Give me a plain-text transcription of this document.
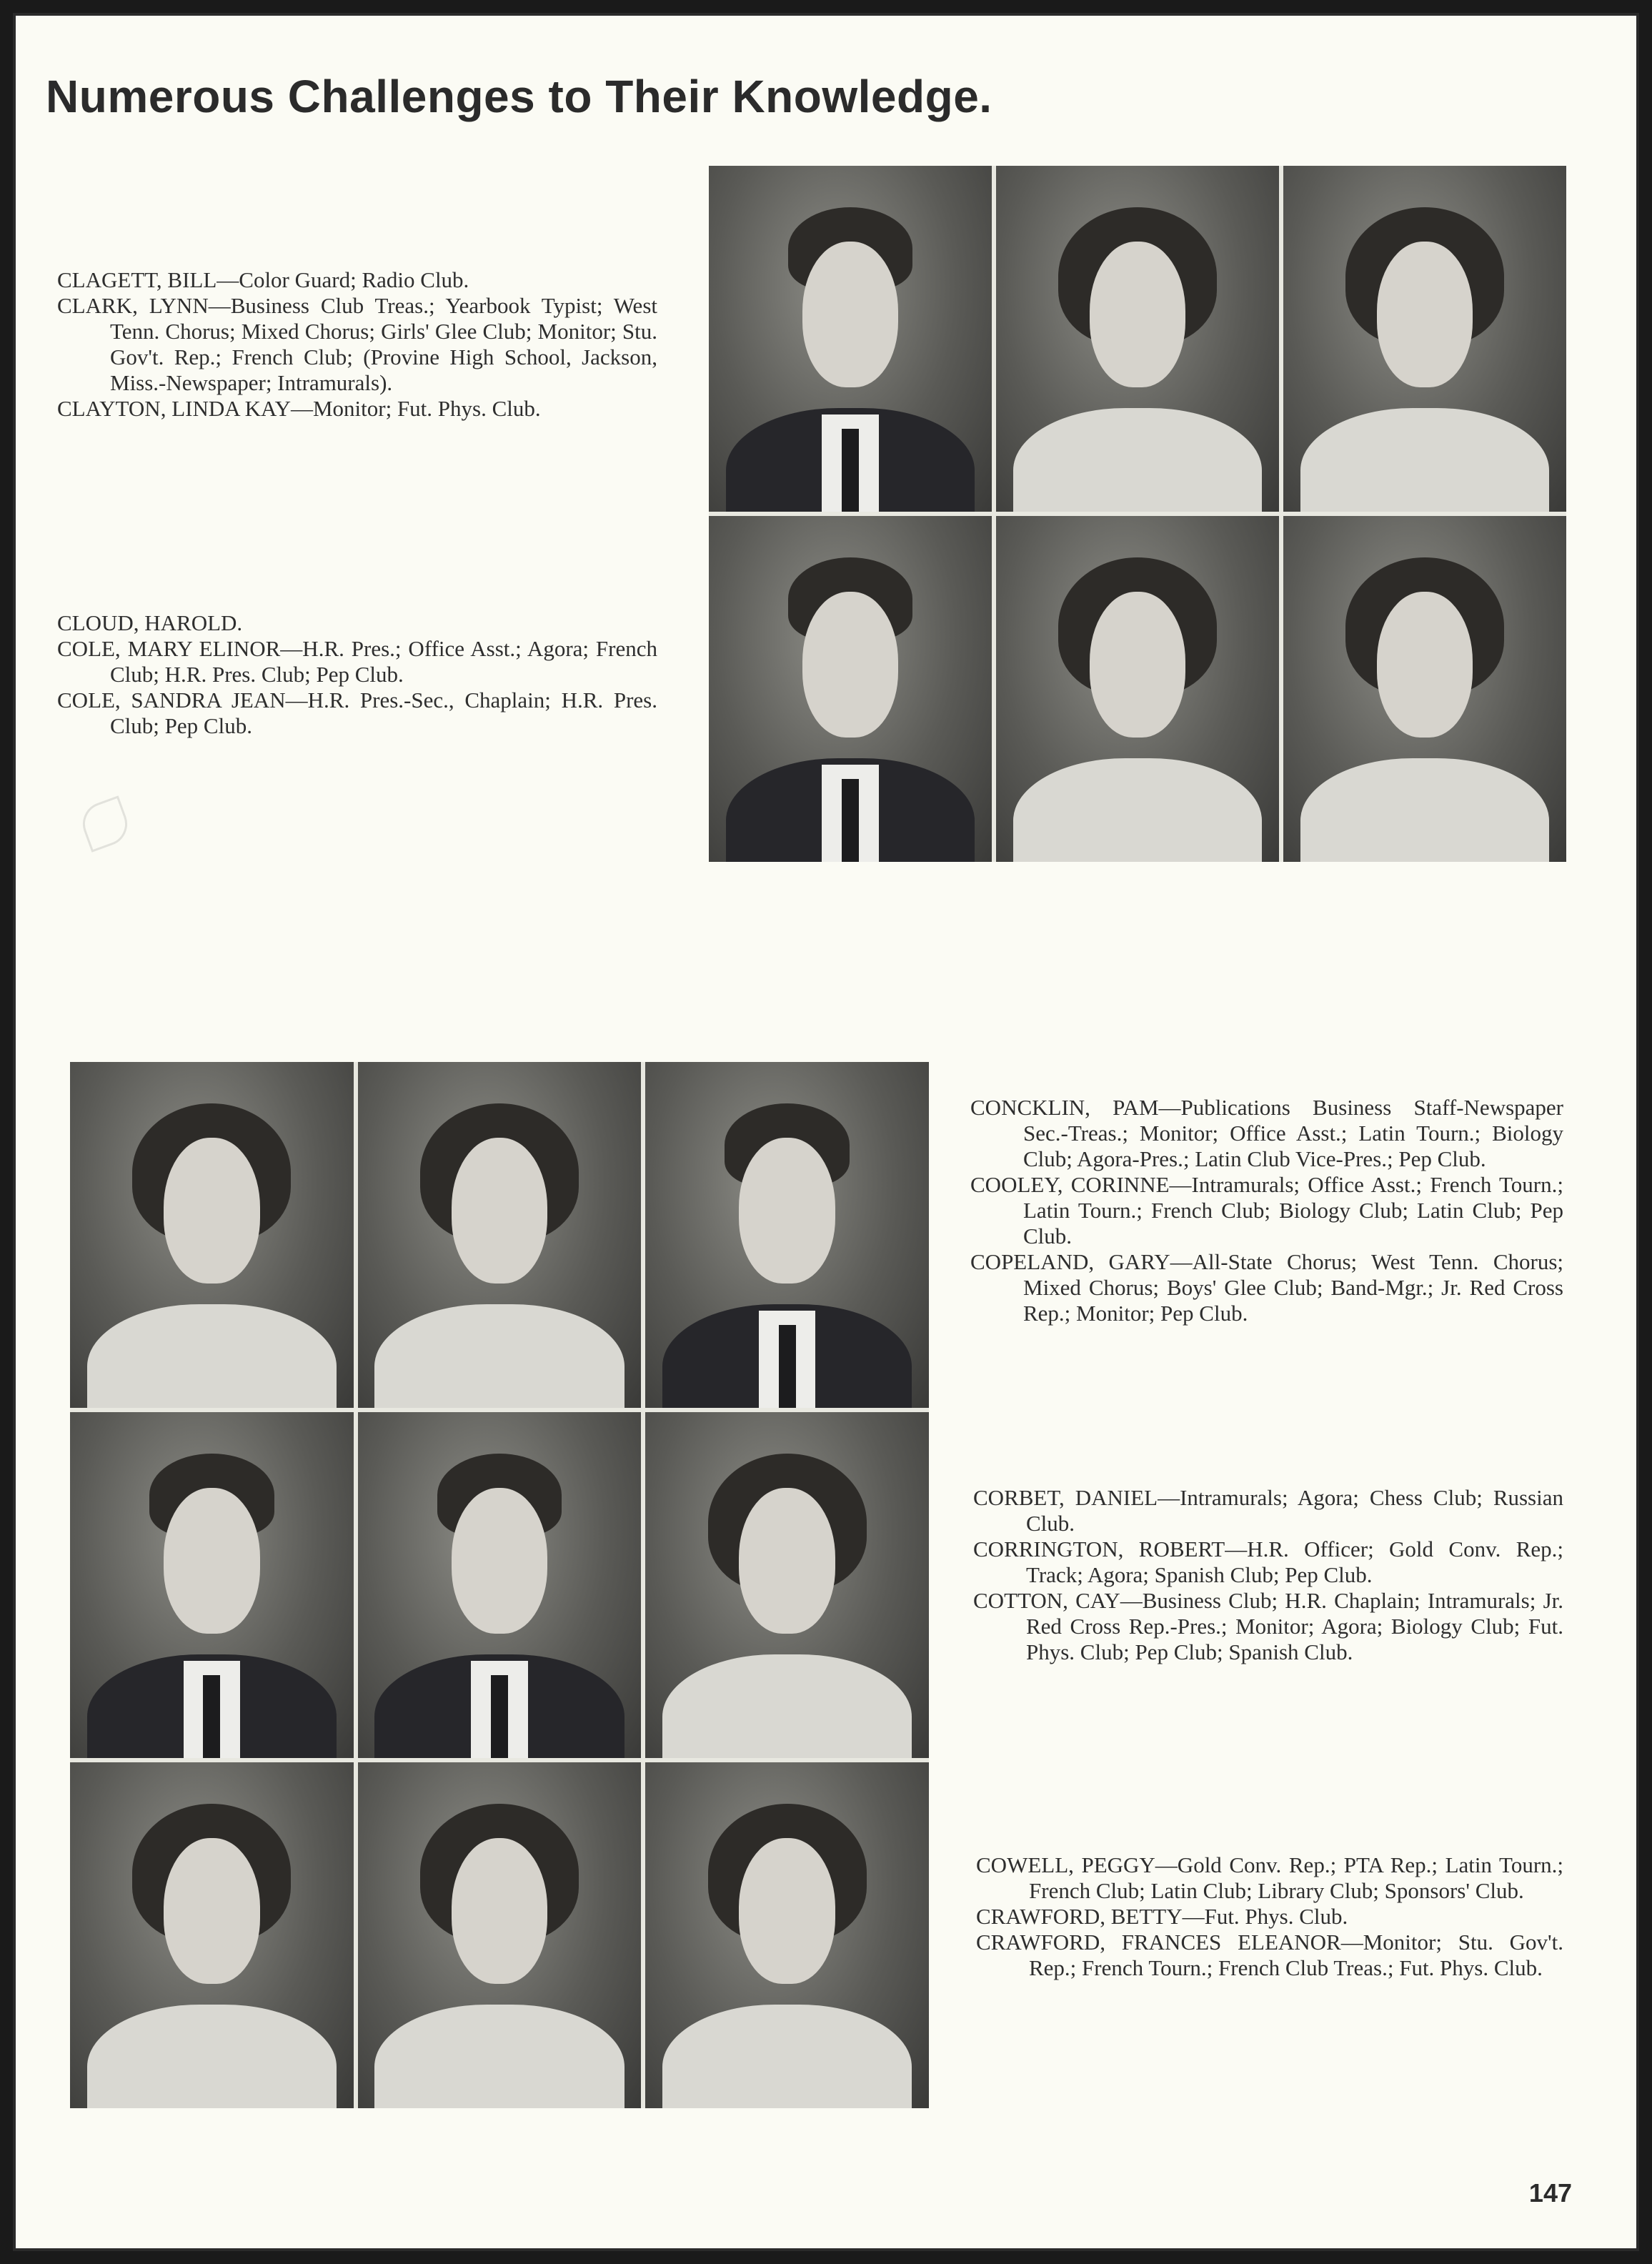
Numerous Challenges to Their Knowledge.

CLAGETT, BILL—Color Guard; Radio Club.

CLARK, LYNN—Business Club Treas.; Yearbook Typist; West Tenn. Chorus; Mixed Chorus; Girls' Glee Club; Monitor; Stu. Gov't. Rep.; French Club; (Provine High School, Jackson, Miss.-Newspaper; Intramurals).

CLAYTON, LINDA KAY—Monitor; Fut. Phys. Club.

CLOUD, HAROLD.

COLE, MARY ELINOR—H.R. Pres.; Office Asst.; Agora; French Club; H.R. Pres. Club; Pep Club.

COLE, SANDRA JEAN—H.R. Pres.-Sec., Chaplain; H.R. Pres. Club; Pep Club.

CONCKLIN, PAM—Publications Business Staff-Newspaper Sec.-Treas.; Monitor; Office Asst.; Latin Tourn.; Biology Club; Agora-Pres.; Latin Club Vice-Pres.; Pep Club.

COOLEY, CORINNE—Intramurals; Office Asst.; French Tourn.; Latin Tourn.; French Club; Biology Club; Latin Club; Pep Club.

COPELAND, GARY—All-State Chorus; West Tenn. Chorus; Mixed Chorus; Boys' Glee Club; Band-Mgr.; Jr. Red Cross Rep.; Monitor; Pep Club.

CORBET, DANIEL—Intramurals; Agora; Chess Club; Russian Club.

CORRINGTON, ROBERT—H.R. Officer; Gold Conv. Rep.; Track; Agora; Spanish Club; Pep Club.

COTTON, CAY—Business Club; H.R. Chaplain; Intramurals; Jr. Red Cross Rep.-Pres.; Monitor; Agora; Biology Club; Fut. Phys. Club; Pep Club; Spanish Club.

COWELL, PEGGY—Gold Conv. Rep.; PTA Rep.; Latin Tourn.; French Club; Latin Club; Library Club; Sponsors' Club.

CRAWFORD, BETTY—Fut. Phys. Club.

CRAWFORD, FRANCES ELEANOR—Monitor; Stu. Gov't. Rep.; French Tourn.; French Club Treas.; Fut. Phys. Club.

147
